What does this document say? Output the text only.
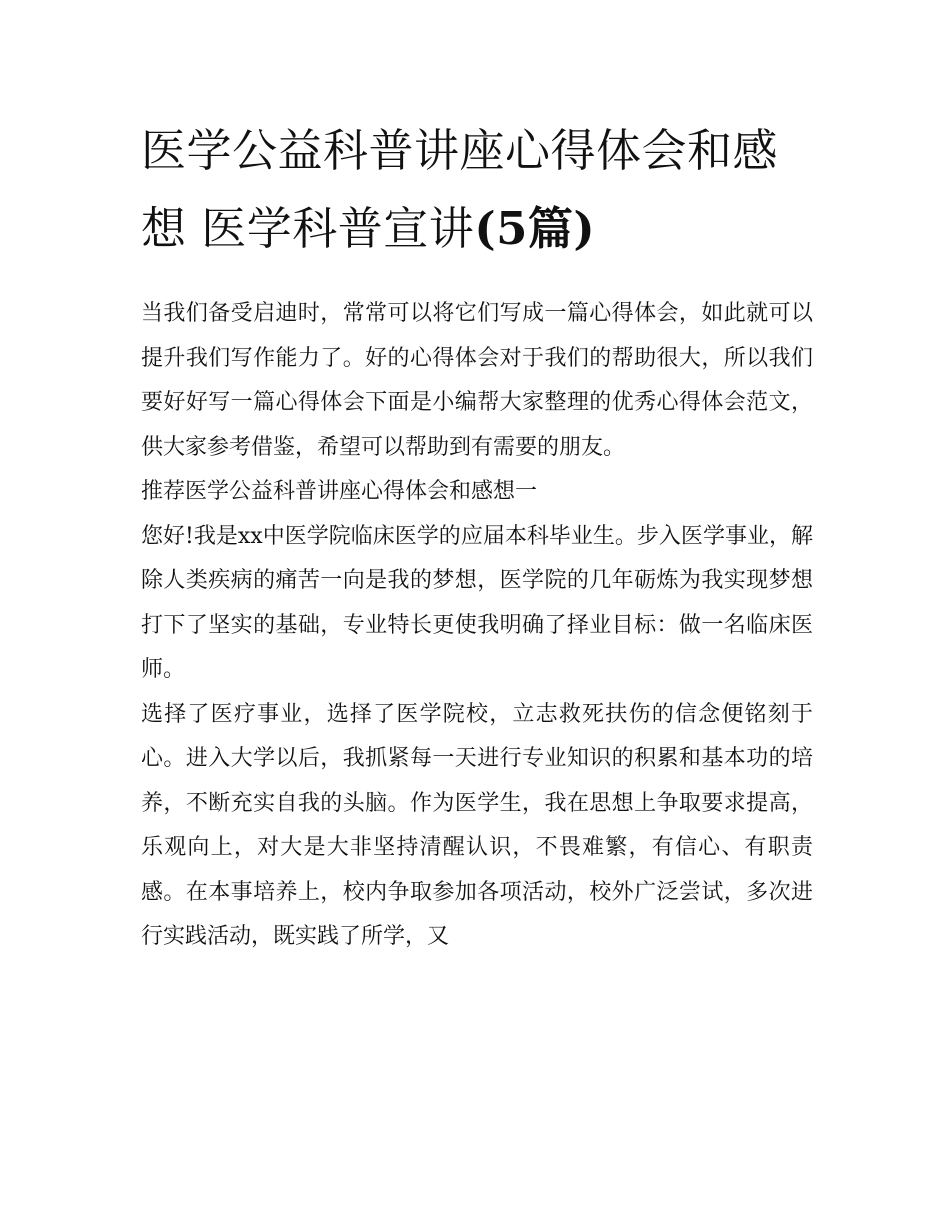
医学公益科普讲座心得体会和感想 医学科普宣讲(5篇)

当我们备受启迪时，常常可以将它们写成一篇心得体会，如此就可以提升我们写作能力了。好的心得体会对于我们的帮助很大，所以我们要好好写一篇心得体会下面是小编帮大家整理的优秀心得体会范文，供大家参考借鉴，希望可以帮助到有需要的朋友。

推荐医学公益科普讲座心得体会和感想一

您好!我是xx中医学院临床医学的应届本科毕业生。步入医学事业，解除人类疾病的痛苦一向是我的梦想，医学院的几年砺炼为我实现梦想打下了坚实的基础，专业特长更使我明确了择业目标：做一名临床医师。

选择了医疗事业，选择了医学院校，立志救死扶伤的信念便铭刻于心。进入大学以后，我抓紧每一天进行专业知识的积累和基本功的培养，不断充实自我的头脑。作为医学生，我在思想上争取要求提高，乐观向上，对大是大非坚持清醒认识，不畏难繁，有信心、有职责感。在本事培养上，校内争取参加各项活动，校外广泛尝试，多次进行实践活动，既实践了所学，又
